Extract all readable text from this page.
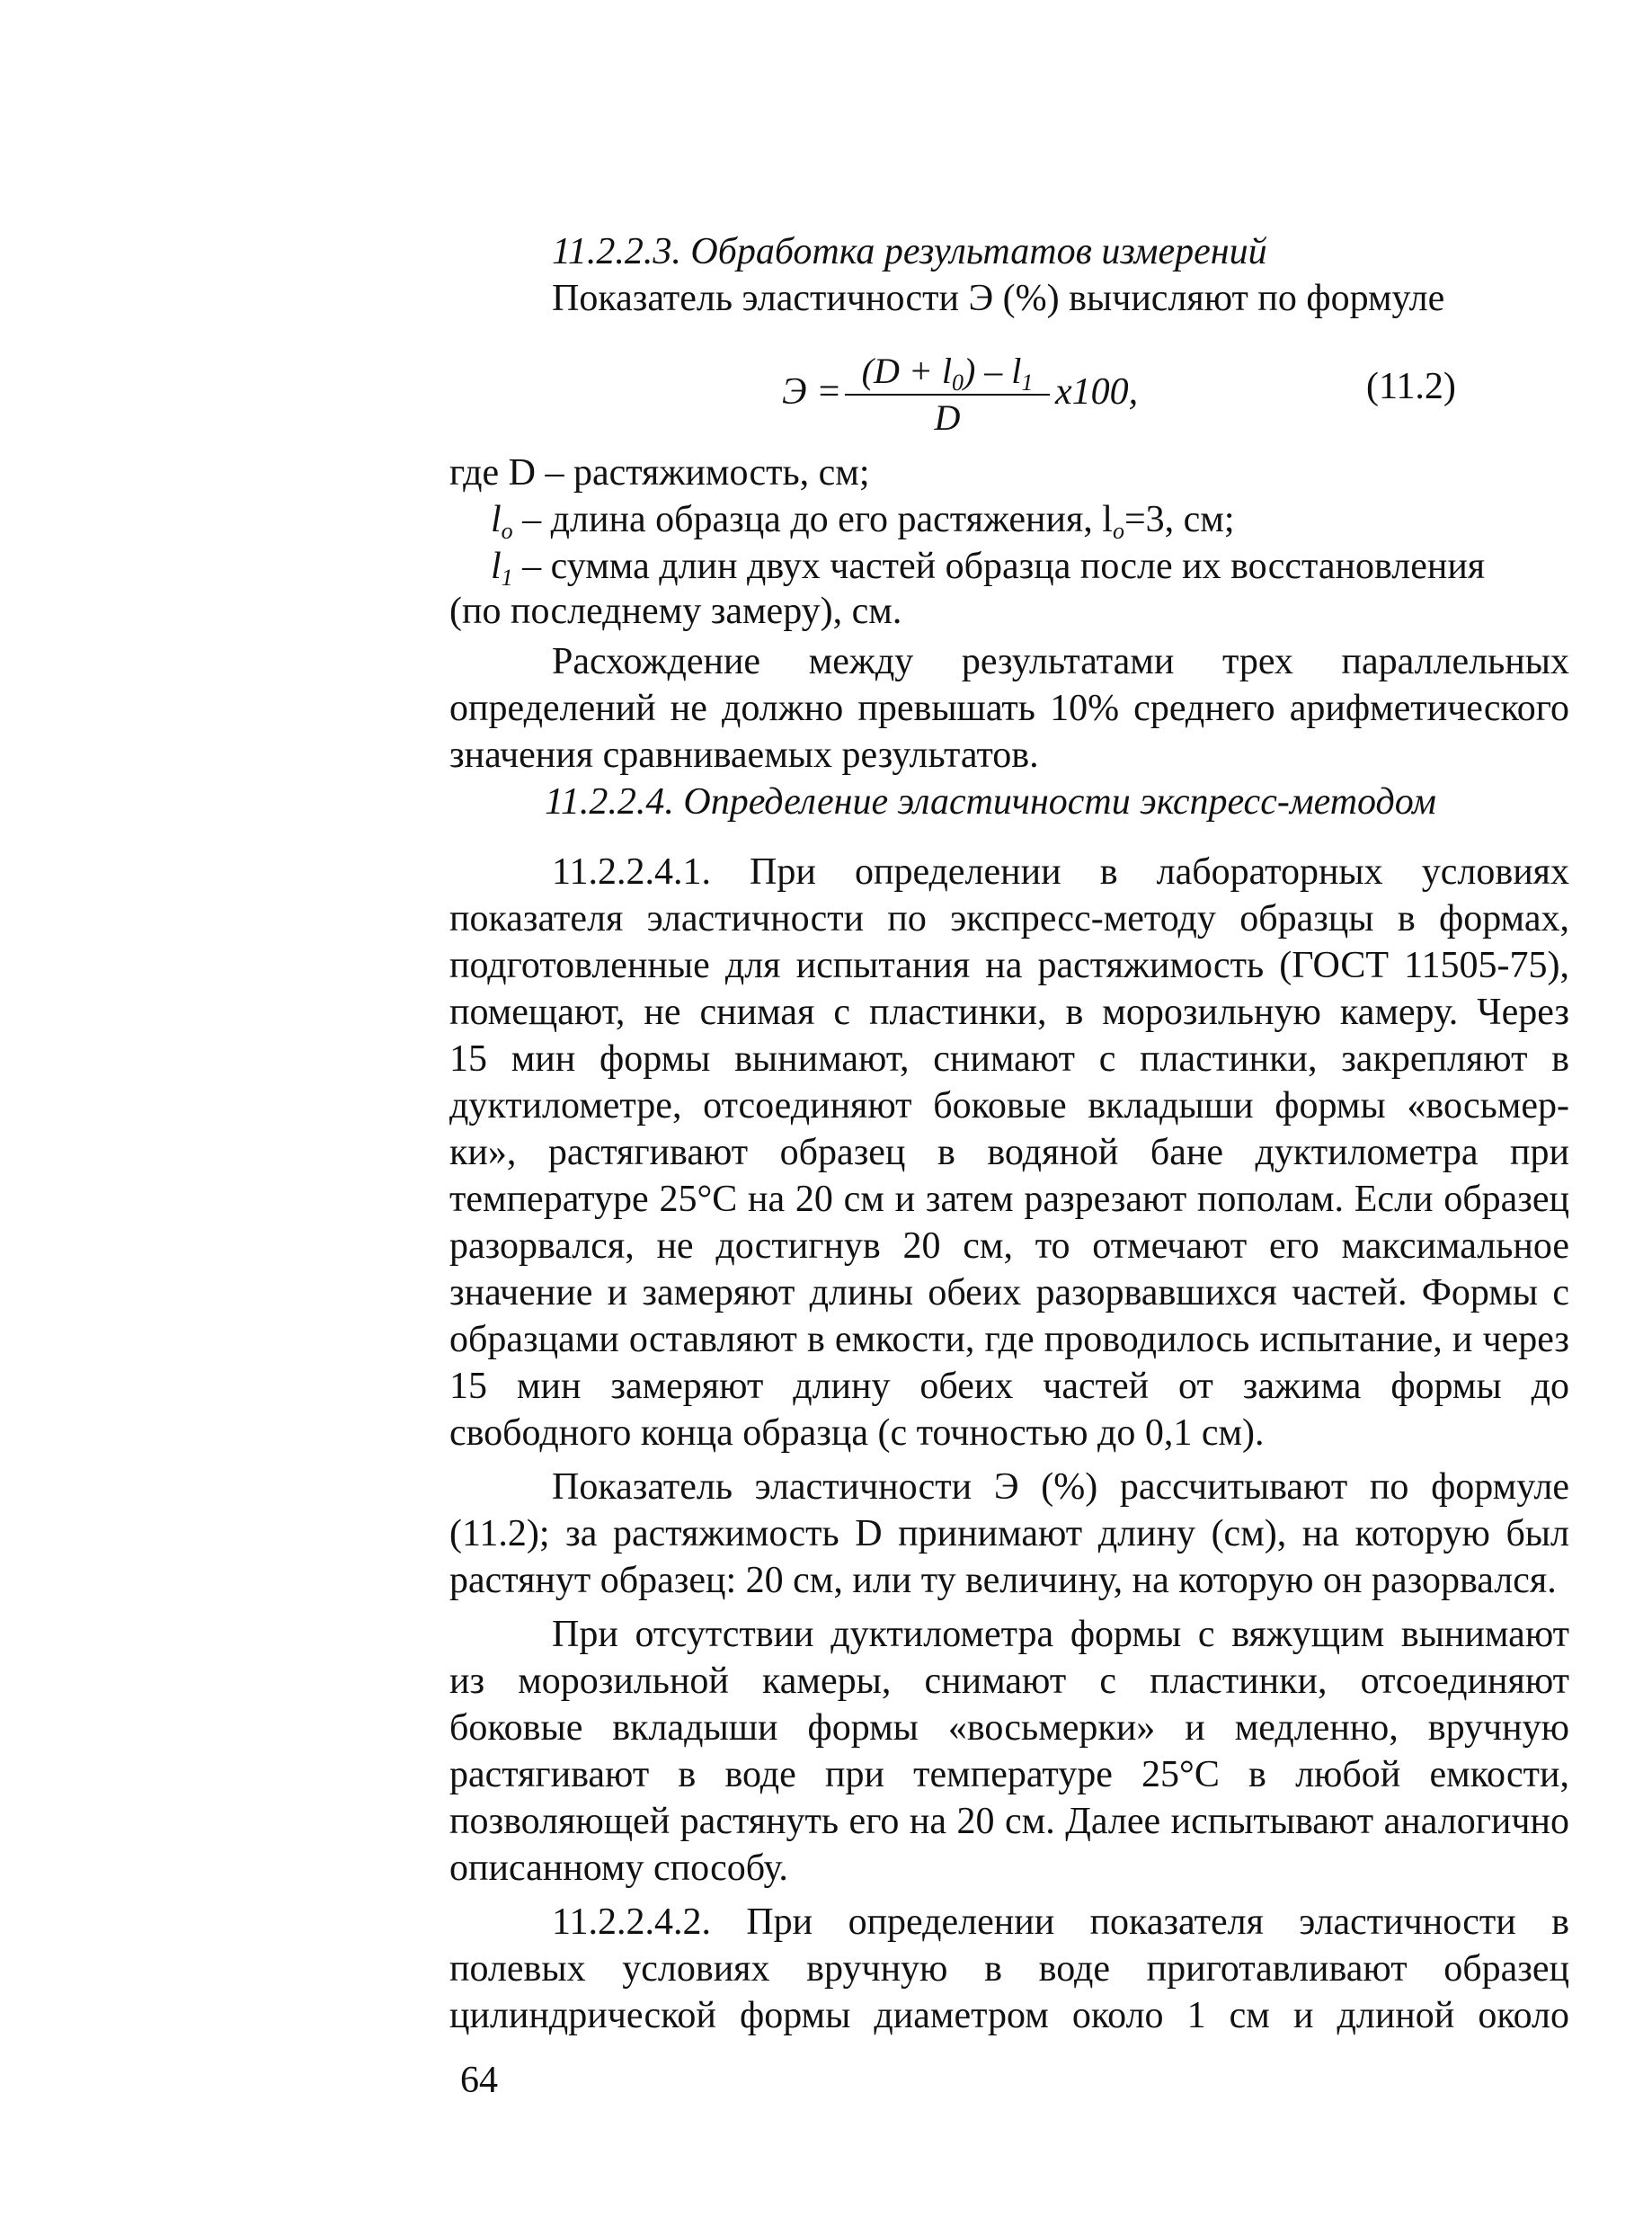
11.2.2.3. Обработка результатов измерений
Показатель эластичности Э (%) вычисляют по формуле
$Э = \frac{(D + l_0) - l_1}{D} x100$,	(11.2)
где D – растяжимость, см;
$l_o$ – длина образца до его растяжения, $l_o=3$, см;
$l_1$ – сумма длин двух частей образца после их восстановления
(по последнему замеру), см.
Расхождение между результатами трех параллельных
определений не должно превышать 10% среднего арифметического
значения сравниваемых результатов.
11.2.2.4. Определение эластичности экспресс-методом
11.2.2.4.1. При определении в лабораторных условиях
показателя эластичности по экспресс-методу образцы в формах,
подготовленные для испытания на растяжимость (ГОСТ 11505-75),
помещают, не снимая с пластинки, в морозильную камеру. Через
15 мин формы вынимают, снимают с пластинки, закрепляют в
дуктилометре, отсоединяют боковые вкладыши формы «восьмер-
ки», растягивают образец в водяной бане дуктилометра при
температуре 25°С на 20 см и затем разрезают пополам. Если образец
разорвался, не достигнув 20 см, то отмечают его максимальное
значение и замеряют длины обеих разорвавшихся частей. Формы с
образцами оставляют в емкости, где проводилось испытание, и через
15 мин замеряют длину обеих частей от зажима формы до
свободного конца образца (с точностью до 0,1 см).
Показатель эластичности Э (%) рассчитывают по формуле
(11.2); за растяжимость D принимают длину (см), на которую был
растянут образец: 20 см, или ту величину, на которую он разорвался.
При отсутствии дуктилометра формы с вяжущим вынимают
из морозильной камеры, снимают с пластинки, отсоединяют
боковые вкладыши формы «восьмерки» и медленно, вручную
растягивают в воде при температуре 25°С в любой емкости,
позволяющей растянуть его на 20 см. Далее испытывают аналогично
описанному способу.
11.2.2.4.2. При определении показателя эластичности в
полевых условиях вручную в воде приготавливают образец
цилиндрической формы диаметром около 1 см и длиной около
64
